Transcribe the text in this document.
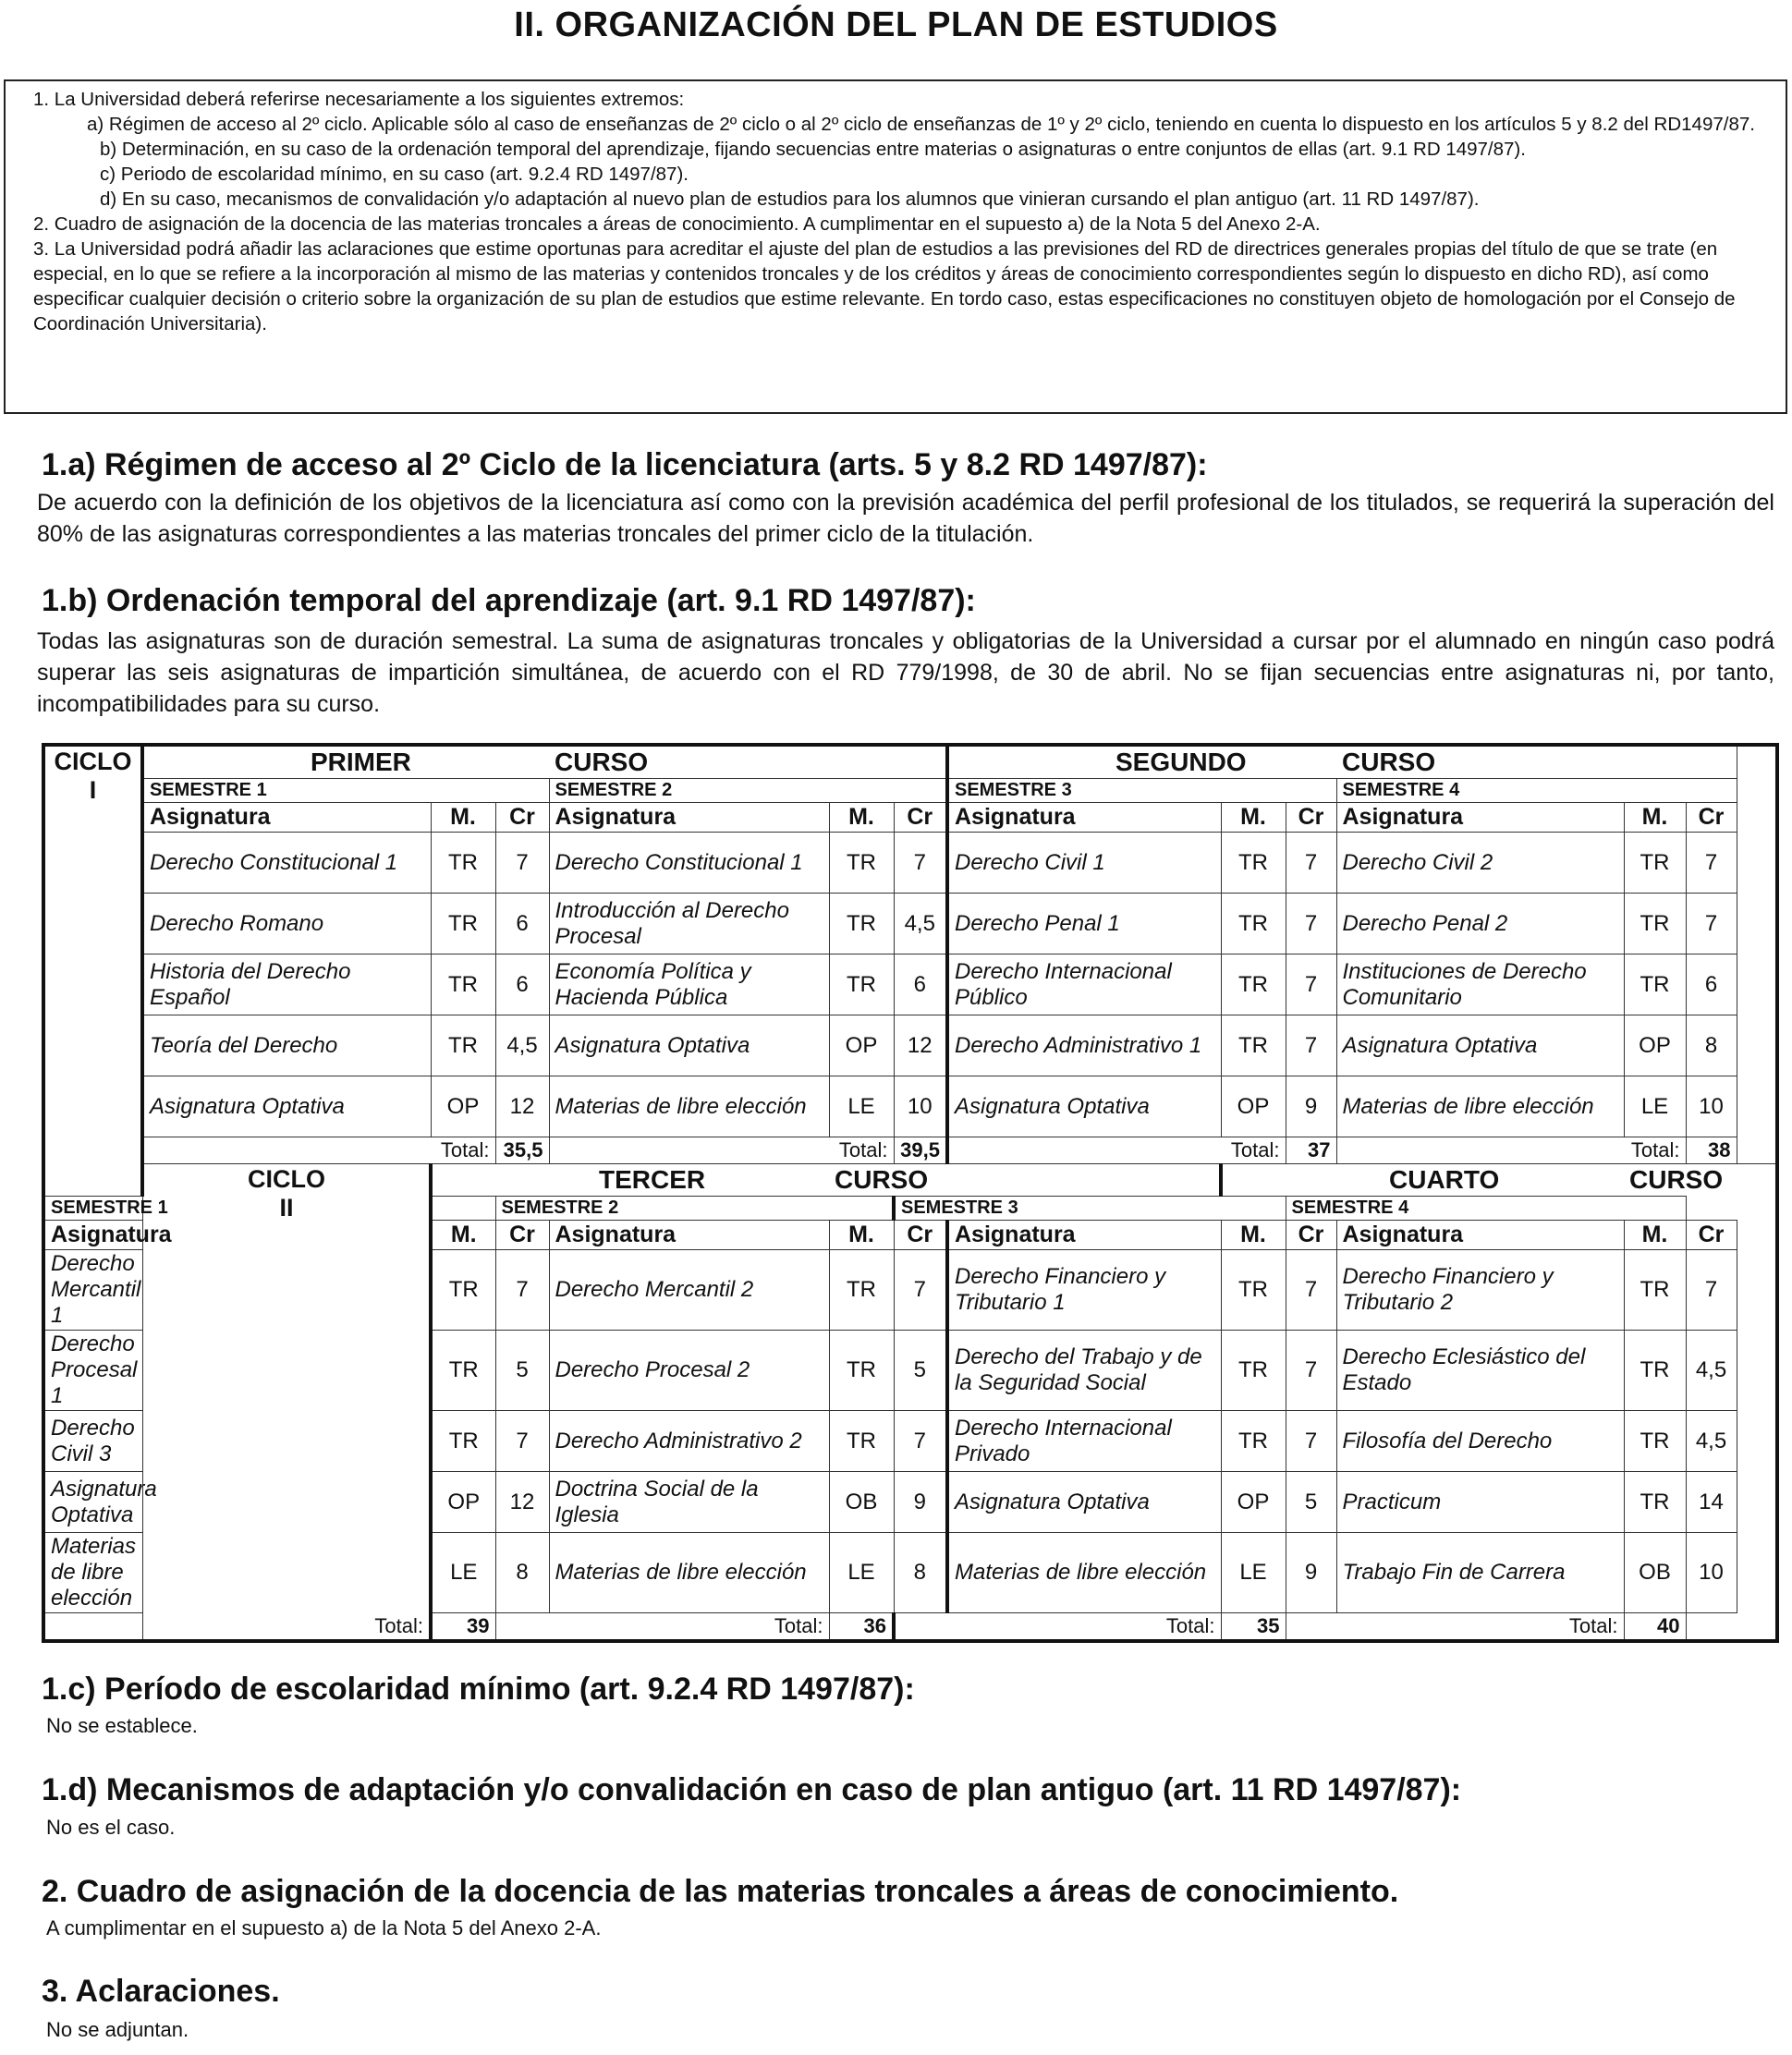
II. ORGANIZACIÓN DEL PLAN DE ESTUDIOS

1. La Universidad deberá referirse necesariamente a los siguientes extremos:

a) Régimen de acceso al 2º ciclo. Aplicable sólo al caso de enseñanzas de 2º ciclo o al 2º ciclo de enseñanzas de 1º y 2º ciclo, teniendo en cuenta lo dispuesto en los artículos 5 y 8.2 del RD1497/87.

b) Determinación, en su caso de la ordenación temporal del aprendizaje, fijando secuencias entre materias o asignaturas o entre conjuntos de ellas (art. 9.1 RD 1497/87).

c) Periodo de escolaridad mínimo, en su caso (art. 9.2.4 RD 1497/87).

d) En su caso, mecanismos de convalidación y/o adaptación al nuevo plan de estudios para los alumnos que vinieran cursando el plan antiguo (art. 11 RD 1497/87).

2. Cuadro de asignación de la docencia de las materias troncales a áreas de conocimiento. A cumplimentar en el supuesto a) de la Nota 5 del Anexo 2-A.

3. La Universidad podrá añadir las aclaraciones que estime oportunas para acreditar el ajuste del plan de estudios a las previsiones del RD de directrices generales propias del título de que se trate (en especial, en lo que se refiere a la incorporación al mismo de las materias y contenidos troncales y de los créditos y áreas de conocimiento correspondientes según lo dispuesto en dicho RD), así como especificar cualquier decisión o criterio sobre la organización de su plan de estudios que estime relevante. En tordo caso, estas especificaciones no constituyen objeto de homologación por el Consejo de Coordinación Universitaria).

1.a) Régimen de acceso al 2º Ciclo de la licenciatura (arts. 5 y 8.2 RD 1497/87):
De acuerdo con la definición de los objetivos de la licenciatura así como con la previsión académica del perfil profesional de los titulados, se requerirá la superación del 80% de las asignaturas correspondientes a las materias troncales del primer ciclo de la titulación.
1.b) Ordenación temporal del aprendizaje (art. 9.1 RD 1497/87):
Todas las asignaturas son de duración semestral. La suma de asignaturas troncales y obligatorias de la Universidad a cursar por el alumnado en ningún caso podrá superar las seis asignaturas de impartición simultánea, de acuerdo con el RD 779/1998, de 30 de abril. No se fijan secuencias entre asignaturas ni, por tanto, incompatibilidades para su curso.
CICLO
I	PRIMER			CURSO			SEGUNDO			CURSO		
	SEMESTRE 1			SEMESTRE 2			SEMESTRE 3			SEMESTRE 4		
	Asignatura	M.	Cr	Asignatura	M.	Cr	Asignatura	M.	Cr	Asignatura	M.	Cr
	Derecho Constitucional 1	TR	7	Derecho Constitucional 1	TR	7	Derecho Civil 1	TR	7	Derecho Civil 2	TR	7
	Derecho Romano	TR	6	Introducción al Derecho Procesal	TR	4,5	Derecho Penal 1	TR	7	Derecho Penal 2	TR	7
	Historia del Derecho Español	TR	6	Economía Política y Hacienda Pública	TR	6	Derecho Internacional Público	TR	7	Instituciones de Derecho Comunitario	TR	6
	Teoría del Derecho	TR	4,5	Asignatura Optativa	OP	12	Derecho Administrativo 1	TR	7	Asignatura Optativa	OP	8
	Asignatura Optativa	OP	12	Materias de libre elección	LE	10	Asignatura Optativa	OP	9	Materias de libre elección	LE	10
	Total:		35,5	Total:		39,5	Total:		37	Total:		38

	CICLO
II	TERCER			CURSO			CUARTO			CURSO	
SEMESTRE 1			SEMESTRE 2			SEMESTRE 3			SEMESTRE 4			
Asignatura		M.	Cr	Asignatura	M.	Cr	Asignatura	M.	Cr	Asignatura	M.	Cr
Derecho Mercantil 1		TR	7	Derecho Mercantil 2	TR	7	Derecho Financiero y Tributario 1	TR	7	Derecho Financiero y Tributario 2	TR	7
Derecho Procesal 1		TR	5	Derecho Procesal 2	TR	5	Derecho del Trabajo y de la Seguridad Social	TR	7	Derecho Eclesiástico del Estado	TR	4,5
Derecho Civil 3		TR	7	Derecho Administrativo 2	TR	7	Derecho Internacional Privado	TR	7	Filosofía del Derecho	TR	4,5
Asignatura Optativa		OP	12	Doctrina Social de la Iglesia	OB	9	Asignatura Optativa	OP	5	Practicum	TR	14
Materias de libre elección		LE	8	Materias de libre elección	LE	8	Materias de libre elección	LE	9	Trabajo Fin de Carrera	OB	10
Total:		39	Total:		36	Total:		35	Total:		40	
1.c) Período de escolaridad mínimo (art. 9.2.4 RD 1497/87):
No se establece.
1.d) Mecanismos de adaptación y/o convalidación en caso de plan antiguo (art. 11 RD 1497/87):
No es el caso.
2. Cuadro de asignación de la docencia de las materias troncales a áreas de conocimiento.
A cumplimentar en el supuesto a) de la Nota 5 del Anexo 2-A.
3. Aclaraciones.
No se adjuntan.
